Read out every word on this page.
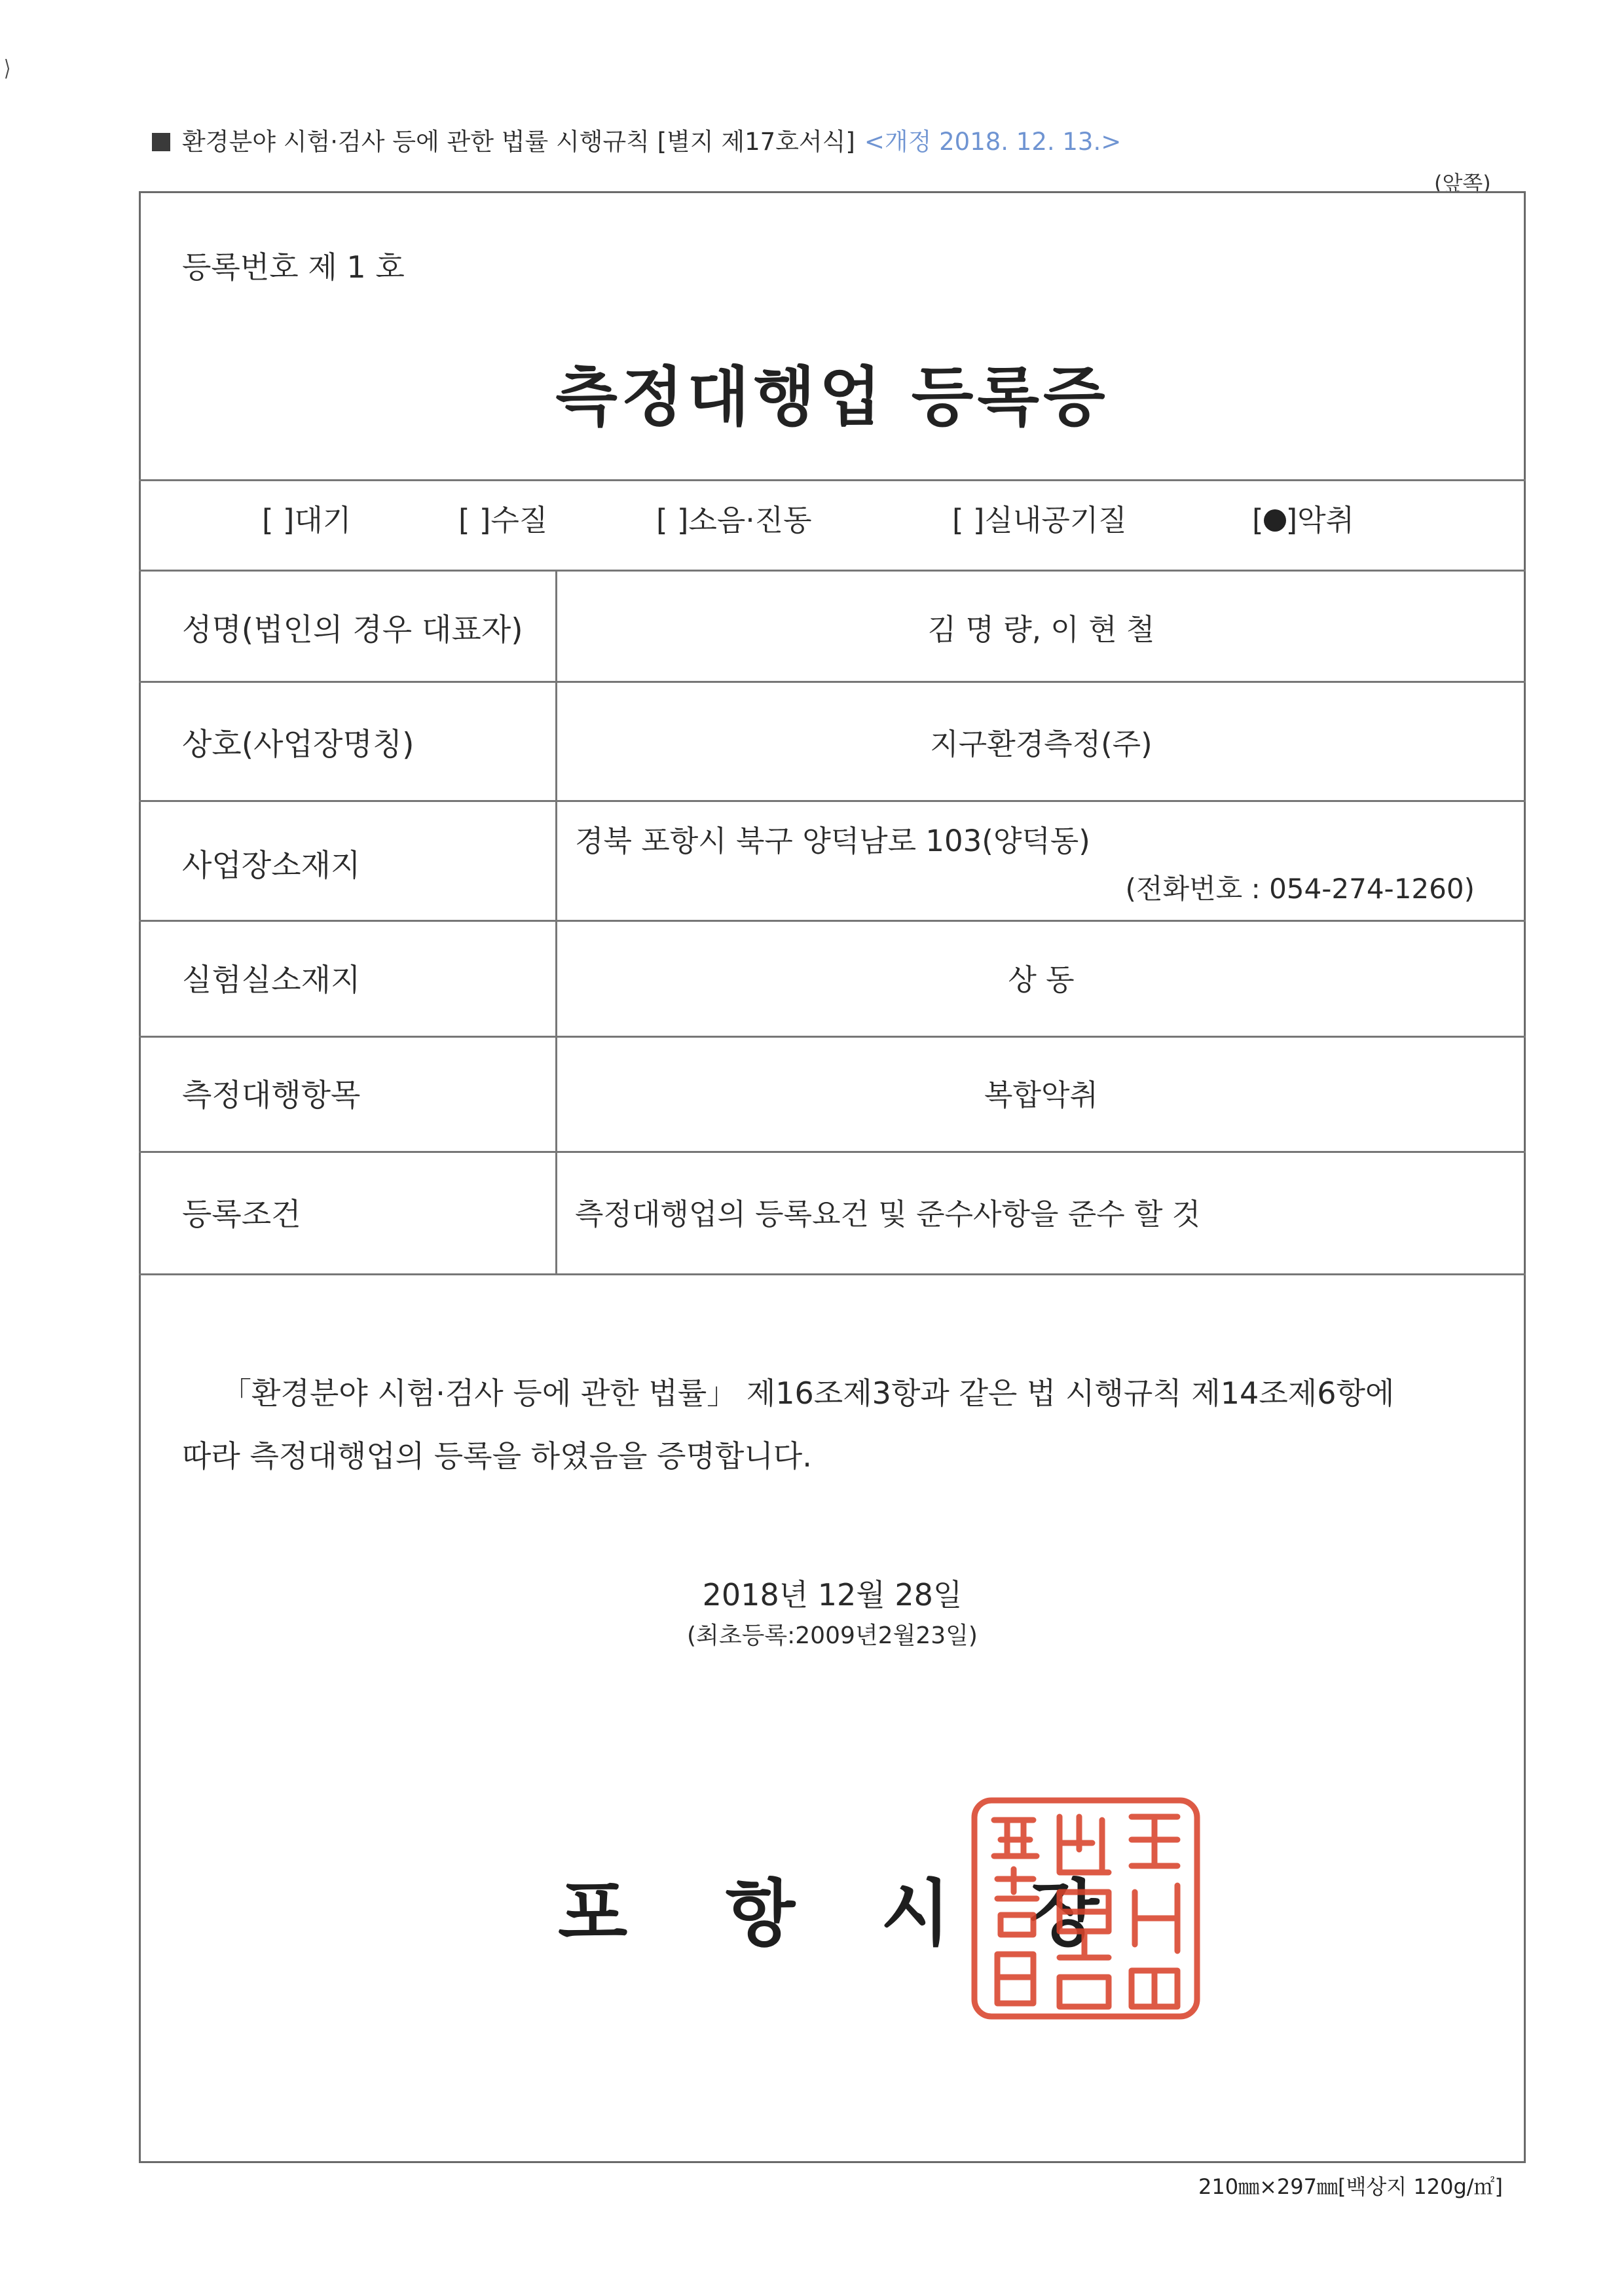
환경분야 시험·검사 등에 관한 법률 시행규칙 [별지 제17호서식] <개정 2018. 12. 13.>
(앞쪽)
등록번호 제 1 호
측정대행업 등록증
[ ]대기	[ ]수질	[ ]소음·진동	[ ]실내공기질	[ ]악취
성명(법인의 경우 대표자)	김 명 량, 이 현 철
상호(사업장명칭)	지구환경측정(주)
사업장소재지
경북 포항시 북구 양덕남로 103(양덕동)
(전화번호 : 054-274-1260)
실험실소재지	상 동
측정대행항목	복합악취
등록조건	측정대행업의 등록요건 및 준수사항을 준수 할 것
「환경분야 시험·검사 등에 관한 법률」 제16조제3항과 같은 법 시행규칙 제14조제6항에
따라 측정대행업의 등록을 하였음을 증명합니다.
2018년 12월 28일
(최초등록:2009년2월23일)
포 항 시 장
210㎜×297㎜[백상지 120g/㎡]
